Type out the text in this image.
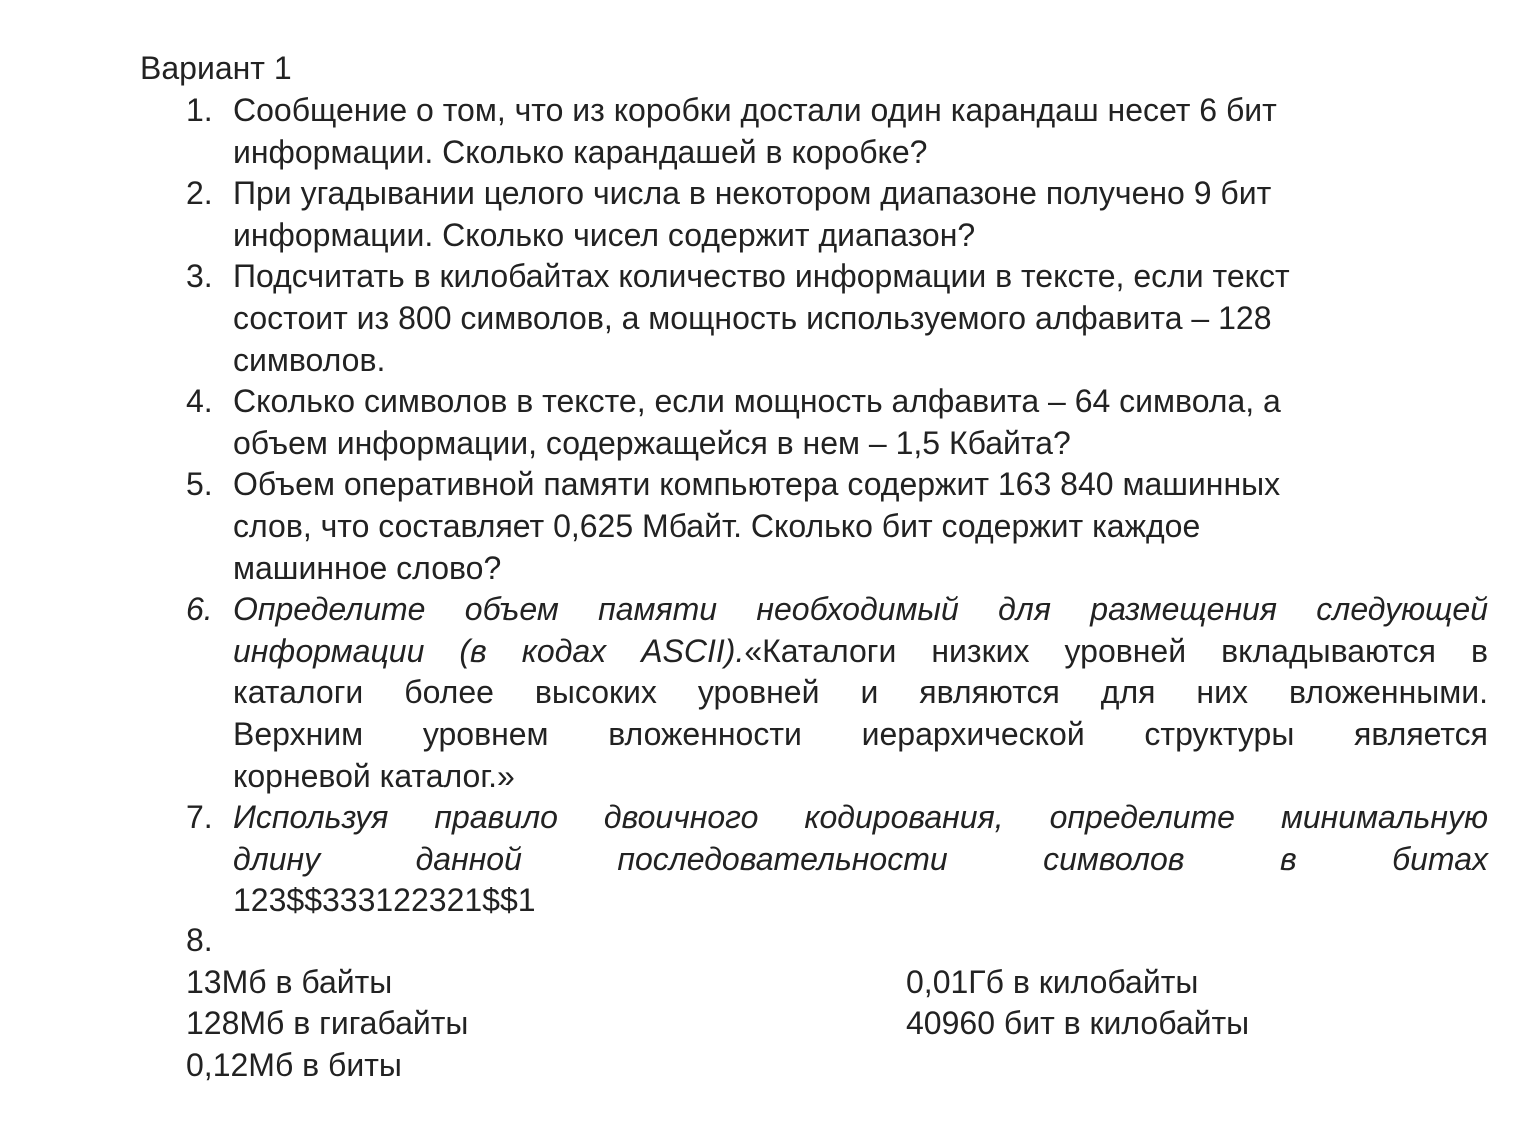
Вариант 1
1. Сообщение о том, что из коробки достали один карандаш несет 6 бит
информации. Сколько карандашей в коробке?
2. При угадывании целого числа в некотором диапазоне получено 9 бит
информации. Сколько чисел содержит диапазон?
3. Подсчитать в килобайтах количество информации в тексте, если текст
состоит из 800 символов, а мощность используемого алфавита – 128
символов.
4. Сколько символов в тексте, если мощность алфавита – 64 символа, а
объем информации, содержащейся в нем – 1,5 Кбайта?
5. Объем оперативной памяти компьютера содержит 163 840 машинных
слов, что составляет 0,625 Мбайт. Сколько бит содержит каждое
машинное слово?
6. Определите объем памяти необходимый для размещения следующей
информации (в кодах ASCII).«Каталоги низких уровней вкладываются в
каталоги более высоких уровней и являются для них вложенными.
Верхним уровнем вложенности иерархической структуры является
корневой каталог.»
7. Используя правило двоичного кодирования, определите минимальную
длину данной последовательности символов в битах
123$$333122321$$1
8.
13Мб в байты	0,01Гб в килобайты
128Мб в гигабайты	40960 бит в килобайты
0,12Мб в биты
